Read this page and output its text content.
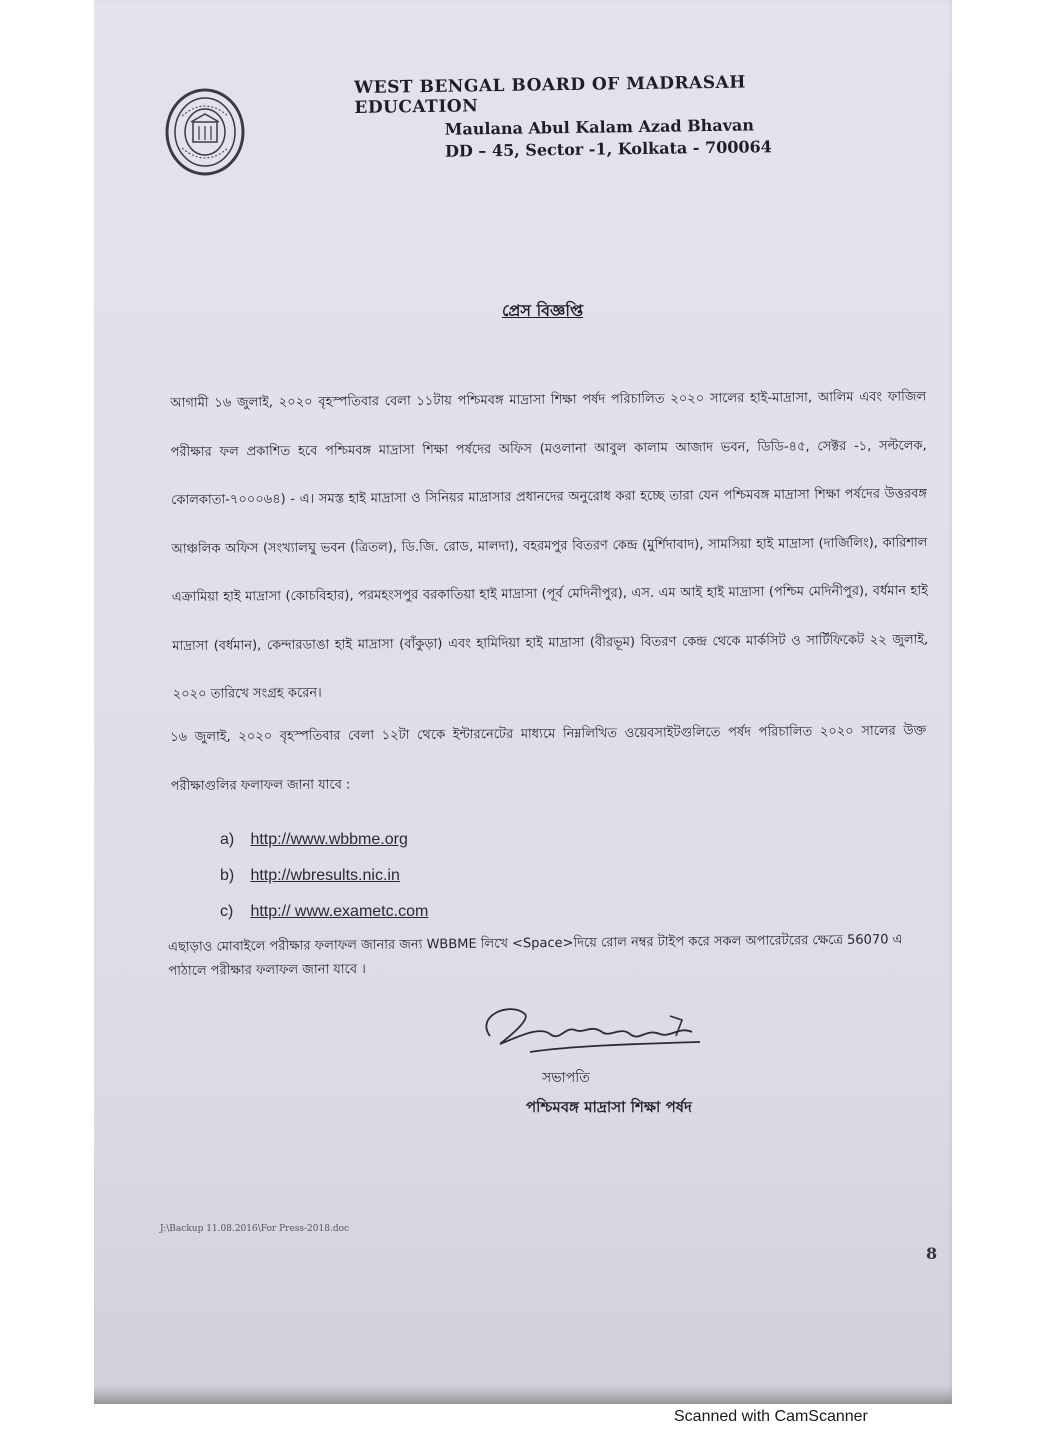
WEST BENGAL BOARD OF MADRASAH EDUCATION
Maulana Abul Kalam Azad Bhavan
DD – 45, Sector -1, Kolkata - 700064
প্রেস বিজ্ঞপ্তি
আগামী ১৬ জুলাই, ২০২০ বৃহস্পতিবার বেলা ১১টায় পশ্চিমবঙ্গ মাদ্রাসা শিক্ষা পর্ষদ পরিচালিত ২০২০ সালের হাই-মাদ্রাসা, আলিম এবং ফাজিল পরীক্ষার ফল প্রকাশিত হবে পশ্চিমবঙ্গ মাদ্রাসা শিক্ষা পর্ষদের অফিস (মওলানা আবুল কালাম আজাদ ভবন, ডিডি-৪৫, সেক্টর -১, সল্টলেক, কোলকাতা-৭০০০৬৪) - এ। সমস্ত হাই মাদ্রাসা ও সিনিয়র মাদ্রাসার প্রধানদের অনুরোধ করা হচ্ছে তারা যেন পশ্চিমবঙ্গ মাদ্রাসা শিক্ষা পর্ষদের উত্তরবঙ্গ আঞ্চলিক অফিস (সংখ্যালঘু ভবন (ত্রিতল), ডি.জি. রোড, মালদা), বহরমপুর বিতরণ কেন্দ্র (মুর্শিদাবাদ), সামসিয়া হাই মাদ্রাসা (দার্জিলিং), কারিশাল এক্রামিয়া হাই মাদ্রাসা (কোচবিহার), পরমহংসপুর বরকাতিয়া হাই মাদ্রাসা (পূর্ব মেদিনীপুর), এস. এম আই হাই মাদ্রাসা (পশ্চিম মেদিনীপুর), বর্ধমান হাই মাদ্রাসা (বর্ধমান), কেন্দারডাঙা হাই মাদ্রাসা (বাঁকুড়া) এবং হামিদিয়া হাই মাদ্রাসা (বীরভূম) বিতরণ কেন্দ্র থেকে মার্কসিট ও সার্টিফিকেট ২২ জুলাই, ২০২০ তারিখে সংগ্রহ করেন।
১৬ জুলাই, ২০২০ বৃহস্পতিবার বেলা ১২টা থেকে ইন্টারনেটের মাধ্যমে নিম্নলিখিত ওয়েবসাইটগুলিতে পর্ষদ পরিচালিত ২০২০ সালের উক্ত পরীক্ষাগুলির ফলাফল জানা যাবে :
a) http://www.wbbme.org
b) http://wbresults.nic.in
c) http:// www.exametc.com
এছাড়াও মোবাইলে পরীক্ষার ফলাফল জানার জন্য WBBME লিখে <Space>দিয়ে রোল নম্বর টাইপ করে সকল অপারেটরের ক্ষেত্রে 56070 এ পাঠালে পরীক্ষার ফলাফল জানা যাবে ।
সভাপতি
পশ্চিমবঙ্গ মাদ্রাসা শিক্ষা পর্ষদ
J:\Backup 11.08.2016\For Press-2018.doc
8
Scanned with CamScanner
